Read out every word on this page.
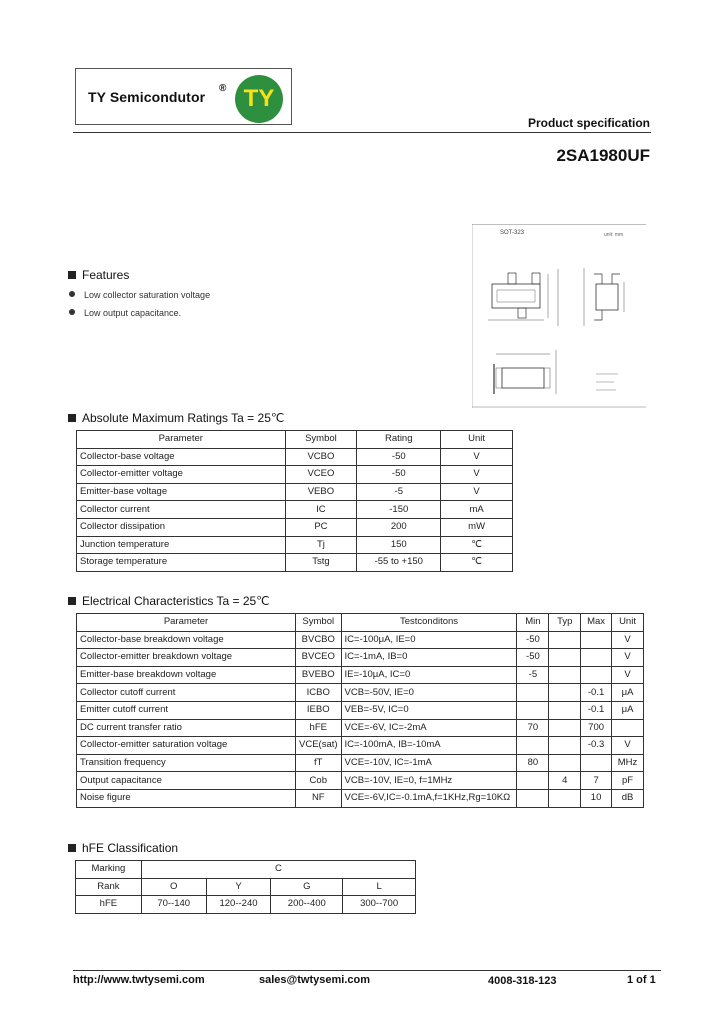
TY Semicondutor
® TY
Product specification
2SA1980UF
SOT-323	unit: mm
Features
Low collector saturation voltage
Low output capacitance.
Absolute Maximum Ratings Ta = 25℃
Parameter	Symbol	Rating	Unit
Collector-base voltage	VCBO	-50	V
Collector-emitter voltage	VCEO	-50	V
Emitter-base voltage	VEBO	-5	V
Collector current	IC	-150	mA
Collector dissipation	PC	200	mW
Junction temperature	Tj	150	℃
Storage temperature	Tstg	-55 to +150	℃
Electrical Characteristics Ta = 25℃
Parameter	Symbol	Testconditons	Min	Typ	Max	Unit
Collector-base breakdown voltage	BVCBO	IC=-100μA, IE=0	-50			V
Collector-emitter breakdown voltage	BVCEO	IC=-1mA, IB=0	-50			V
Emitter-base breakdown voltage	BVEBO	IE=-10μA, IC=0	-5			V
Collector cutoff current	ICBO	VCB=-50V, IE=0			-0.1	μA
Emitter cutoff current	IEBO	VEB=-5V, IC=0			-0.1	μA
DC current transfer ratio	hFE	VCE=-6V, IC=-2mA	70		700	
Collector-emitter saturation voltage	VCE(sat)	IC=-100mA, IB=-10mA			-0.3	V
Transition frequency	fT	VCE=-10V, IC=-1mA	80			MHz
Output capacitance	Cob	VCB=-10V, IE=0, f=1MHz		4	7	pF
Noise figure	NF	VCE=-6V,IC=-0.1mA,f=1KHz,Rg=10KΩ			10	dB
hFE Classification
Marking	C			
Rank	O	Y	G	L
hFE	70--140	120--240	200--400	300--700
http://www.twtysemi.com	sales@twtysemi.com	4008-318-123	1 of 1
